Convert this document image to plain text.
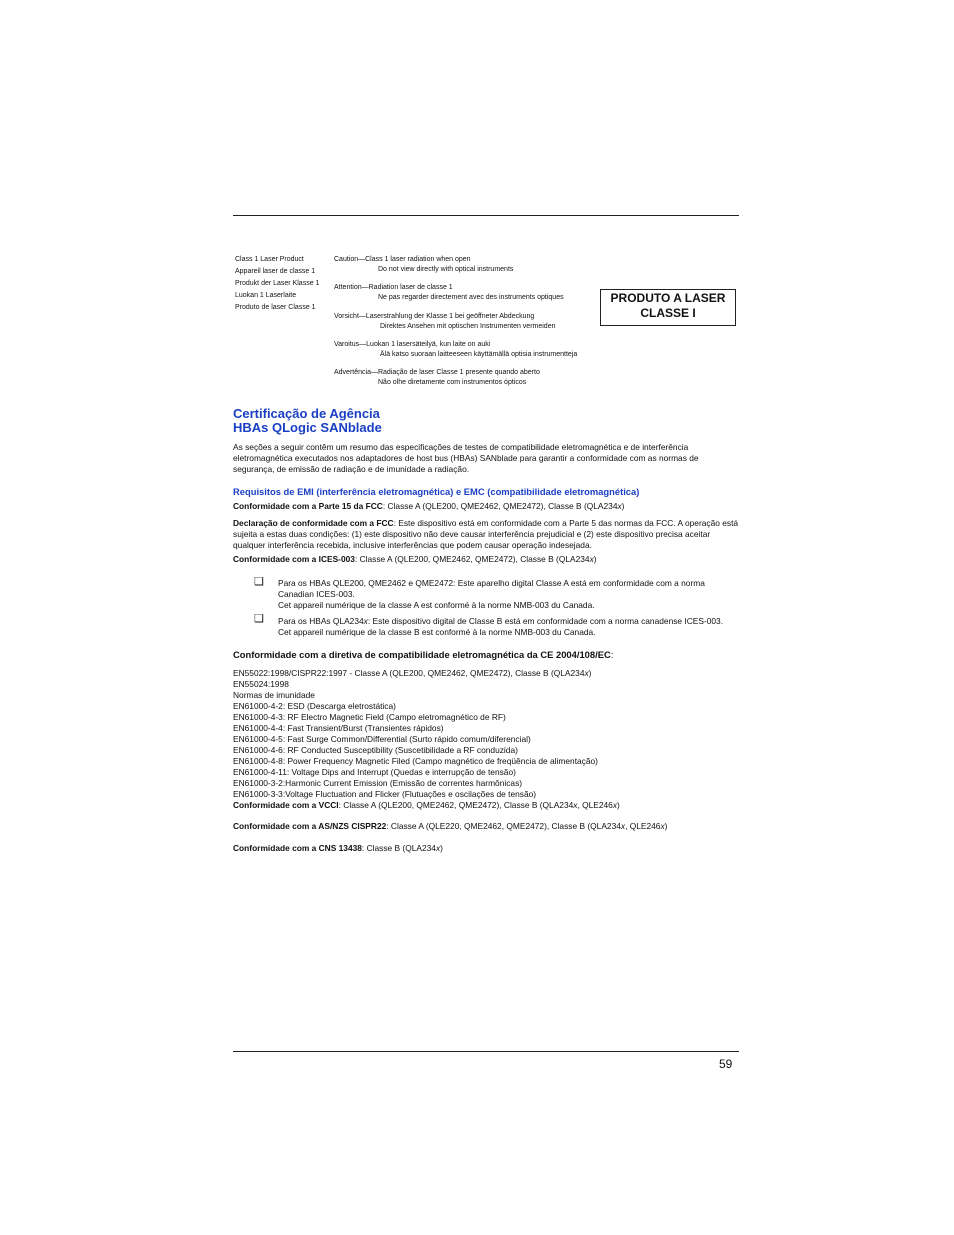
Class 1 Laser Product
Appareil laser de classe 1
Produkt der Laser Klasse 1
Luokan 1 Laserlaite
Produto de laser Classe 1
Caution—Class 1 laser radiation when open
Do not view directly with optical instruments
Attention—Radiation laser de classe 1
Ne pas regarder directement avec des instruments optiques
Vorsicht—Laserstrahlung der Klasse 1 bei geöffneter Abdeckung
Direktes Ansehen mit optischen Instrumenten vermeiden
Varoitus—Luokan 1 lasersäteilyä, kun laite on auki
Älä katso suoraan laitteeseen käyttämällä optisia instrumentteja
Advertência—Radiação de laser Classe 1 presente quando aberto
Não olhe diretamente com instrumentos ópticos
PRODUTO A LASER
CLASSE I
Certificação de Agência
HBAs QLogic SANblade
As seções a seguir contêm um resumo das especificações de testes de compatibilidade eletromagnética e de interferência eletromagnética executados nos adaptadores de host bus (HBAs) SANblade para garantir a conformidade com as normas de segurança, de emissão de radiação e de imunidade a radiação.
Requisitos de EMI (interferência eletromagnética) e EMC (compatibilidade eletromagnética)
Conformidade com a Parte 15 da FCC: Classe A (QLE200, QME2462, QME2472), Classe B (QLA234x)
Declaração de conformidade com a FCC: Este dispositivo está em conformidade com a Parte 5 das normas da FCC. A operação está sujeita a estas duas condições: (1) este dispositivo não deve causar interferência prejudicial e (2) este dispositivo precisa aceitar qualquer interferência recebida, inclusive interferências que podem causar operação indesejada.
Conformidade com a ICES-003: Classe A (QLE200, QME2462, QME2472), Classe B (QLA234x)
❑ Para os HBAs QLE200, QME2462 e QME2472: Este aparelho digital Classe A está em conformidade com a norma
Canadian ICES-003.
Cet appareil numérique de la classe A est conformé à la norme NMB-003 du Canada.
❑ Para os HBAs QLA234x: Este dispositivo digital de Classe B está em conformidade com a norma canadense ICES-003.
Cet appareil numérique de la classe B est conformé à la norme NMB-003 du Canada.
Conformidade com a diretiva de compatibilidade eletromagnética da CE 2004/108/EC:
EN55022:1998/CISPR22:1997 - Classe A (QLE200, QME2462, QME2472), Classe B (QLA234x)
EN55024:1998
Normas de imunidade
EN61000-4-2: ESD (Descarga eletrostática)
EN61000-4-3: RF Electro Magnetic Field (Campo eletromagnético de RF)
EN61000-4-4: Fast Transient/Burst (Transientes rápidos)
EN61000-4-5: Fast Surge Common/Differential (Surto rápido comum/diferencial)
EN61000-4-6: RF Conducted Susceptibility (Suscetibilidade a RF conduzida)
EN61000-4-8: Power Frequency Magnetic Filed (Campo magnético de freqüência de alimentação)
EN61000-4-11: Voltage Dips and Interrupt (Quedas e interrupção de tensão)
EN61000-3-2:Harmonic Current Emission (Emissão de correntes harmônicas)
EN61000-3-3:Voltage Fluctuation and Flicker (Flutuações e oscilações de tensão)
Conformidade com a VCCI: Classe A (QLE200, QME2462, QME2472), Classe B (QLA234x, QLE246x)
Conformidade com a AS/NZS CISPR22: Classe A (QLE220, QME2462, QME2472), Classe B (QLA234x, QLE246x)
Conformidade com a CNS 13438: Classe B (QLA234x)
59
